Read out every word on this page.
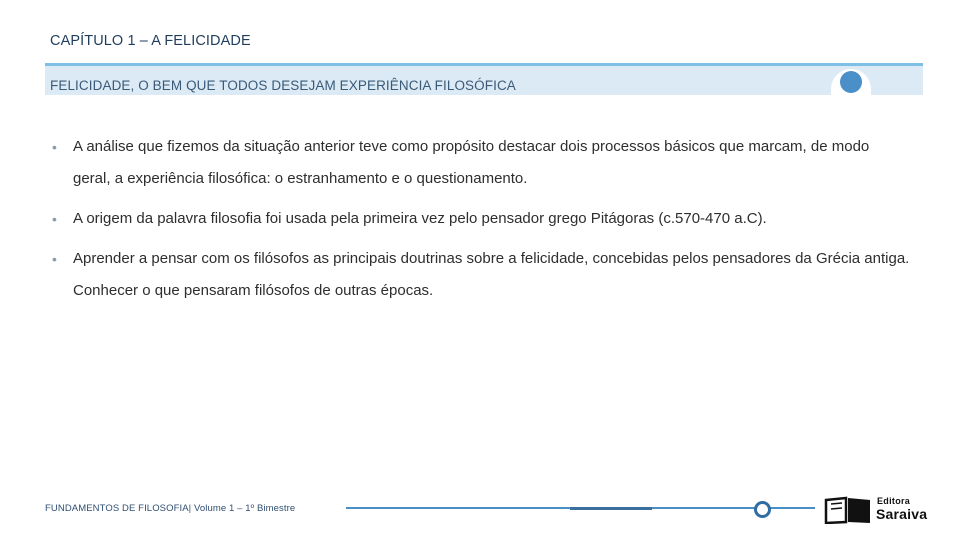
CAPÍTULO 1 – A FELICIDADE
FELICIDADE, O BEM QUE TODOS DESEJAM EXPERIÊNCIA FILOSÓFICA
• A análise que fizemos da situação anterior teve como propósito destacar dois processos básicos que marcam, de modo geral, a experiência filosófica: o estranhamento e o questionamento.
• A origem da palavra filosofia foi usada pela primeira vez pelo pensador grego Pitágoras (c.570-470 a.C).
• Aprender a pensar com os filósofos as principais doutrinas sobre a felicidade, concebidas pelos pensadores da Grécia antiga. Conhecer o que pensaram filósofos de outras épocas.
FUNDAMENTOS DE FILOSOFIA| Volume 1 – 1º Bimestre
Editora
Saraiva
